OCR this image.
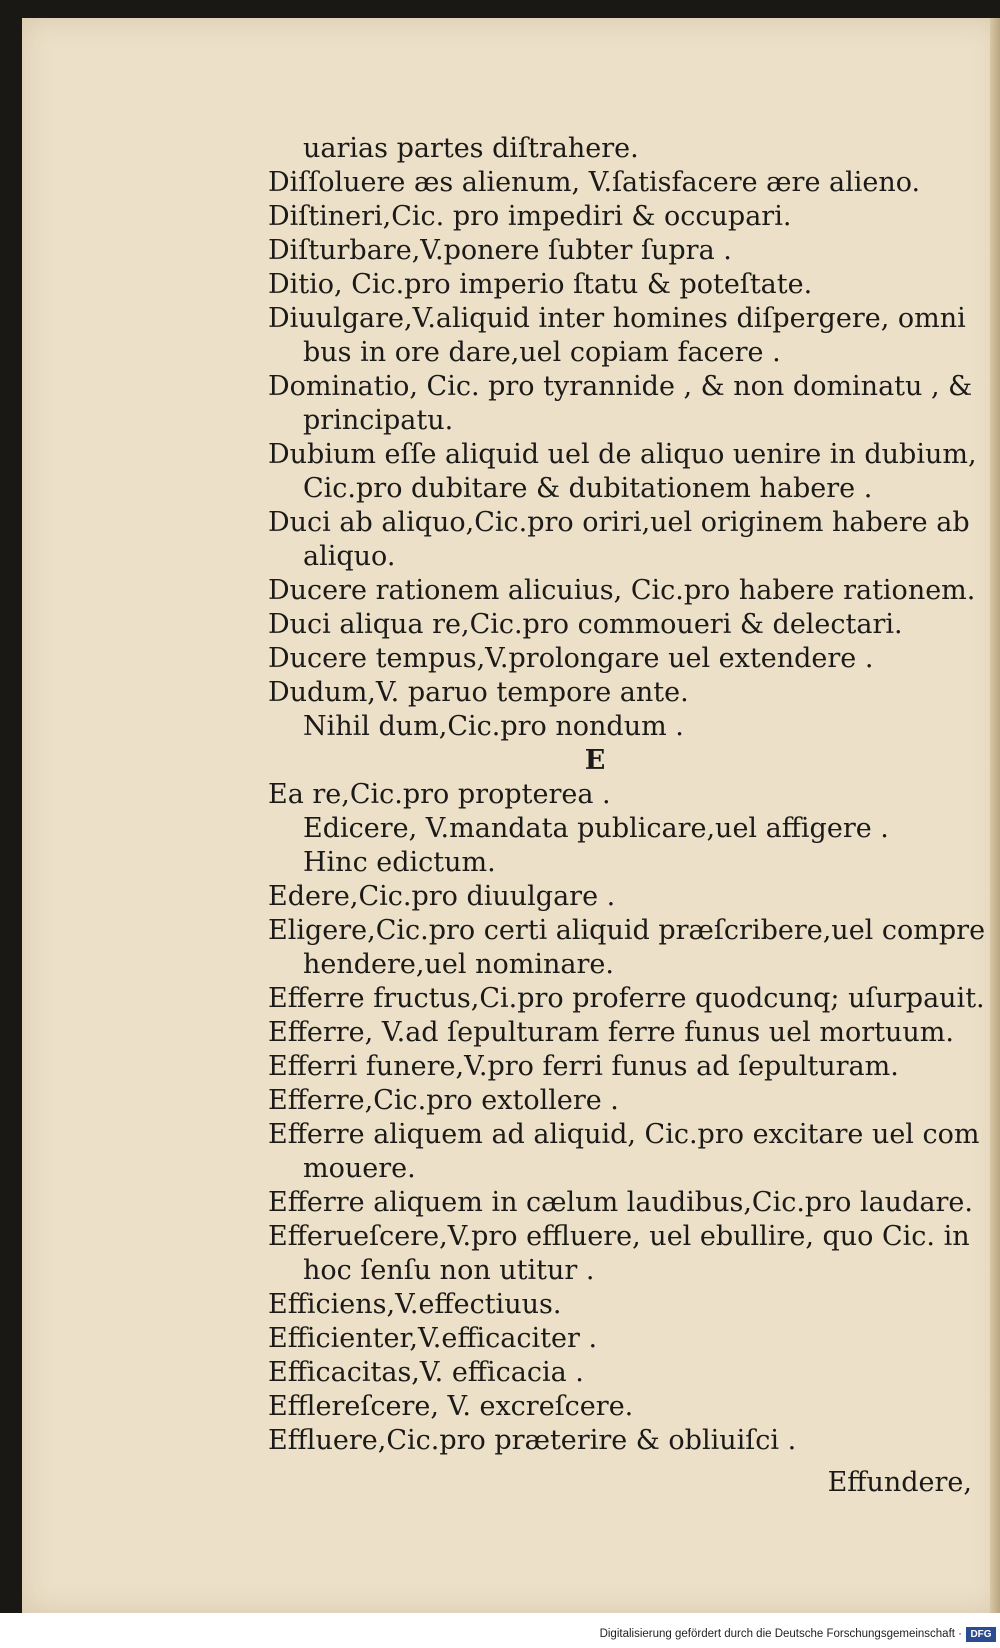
uarias partes diſtrahere.
Diſſoluere æs alienum, V.ſatisfacere ære alieno.
Diſtineri,Cic. pro impediri & occupari.
Diſturbare,V.ponere ſubter ſupra .
Ditio, Cic.pro imperio ſtatu & poteſtate.
Diuulgare,V.aliquid inter homines diſpergere, omni
bus in ore dare,uel copiam facere .
Dominatio, Cic. pro tyrannide , & non dominatu , &
principatu.
Dubium eſſe aliquid uel de aliquo uenire in dubium,
Cic.pro dubitare & dubitationem habere .
Duci ab aliquo,Cic.pro oriri,uel originem habere ab
aliquo.
Ducere rationem alicuius, Cic.pro habere rationem.
Duci aliqua re,Cic.pro commoueri & delectari.
Ducere tempus,V.prolongare uel extendere .
Dudum,V. paruo tempore ante.
Nihil dum,Cic.pro nondum .
E
Ea re,Cic.pro propterea .
Edicere, V.mandata publicare,uel affigere .
Hinc edictum.
Edere,Cic.pro diuulgare .
Eligere,Cic.pro certi aliquid præſcribere,uel compre
hendere,uel nominare.
Efferre fructus,Ci.pro proferre quodcunq; uſurpauit.
Efferre, V.ad ſepulturam ferre funus uel mortuum.
Efferri funere,V.pro ferri funus ad ſepulturam.
Efferre,Cic.pro extollere .
Efferre aliquem ad aliquid, Cic.pro excitare uel com
mouere.
Efferre aliquem in cælum laudibus,Cic.pro laudare.
Efferueſcere,V.pro effluere, uel ebullire, quo Cic. in
hoc ſenſu non utitur .
Efficiens,V.effectiuus.
Efficienter,V.efficaciter .
Efficacitas,V. efficacia .
Efflereſcere, V. excreſcere.
Effluere,Cic.pro præterire & obliuiſci .
Effundere,
Digitalisierung gefördert durch die Deutsche Forschungsgemeinschaft · DFG
